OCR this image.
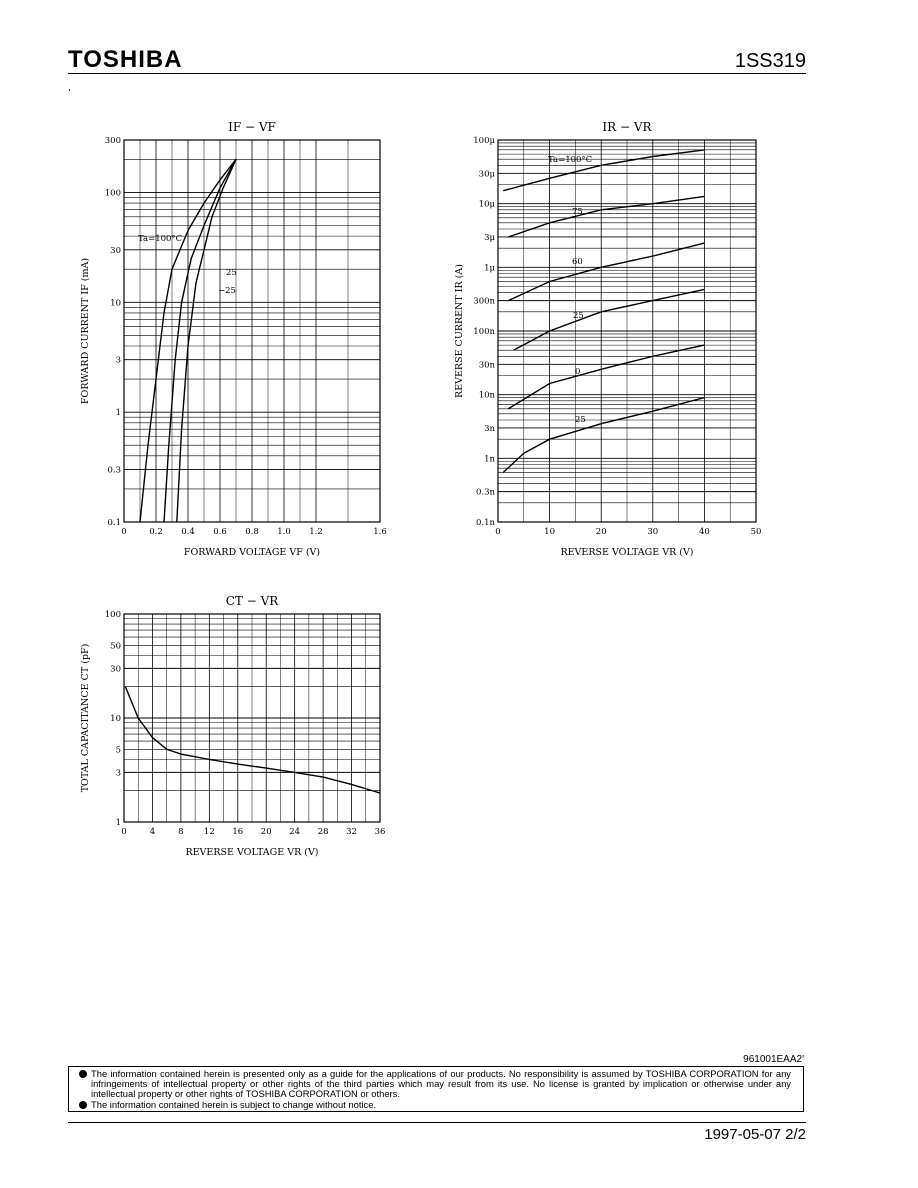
TOSHIBA	1SS319
,
0	0.2 0.4 0.6 0.8 1.0 1.2	1.6
300
100
30
10
3
1
0.3
0.1
IF − VF
FORWARD VOLTAGE VF (V)
FORWARD CURRENT IF (mA)
Ta=100°C
25
−25
0	10	20	30	40	50
100μ
30μ
10μ
3μ
1μ
300n
100n
30n
10n
3n
1n
0.3n
0.1n
IR − VR
REVERSE VOLTAGE VR (V)
REVERSE CURRENT IR (A)
Ta=100°C
75
60
25
0
25
0	4	8 12 16 20 24 28 32 36
100
50
30
10
5
3
1
CT − VR
REVERSE VOLTAGE VR (V)
TOTAL CAPACITANCE CT (pF)
961001EAA2'
The information contained herein is presented only as a guide for the applications of our products. No responsibility is assumed by TOSHIBA CORPORATION for any infringements of intellectual property or other rights of the third parties which may result from its use. No license is granted by implication or otherwise under any intellectual property or other rights of TOSHIBA CORPORATION or others.
The information contained herein is subject to change without notice.
1997-05-07 2/2
